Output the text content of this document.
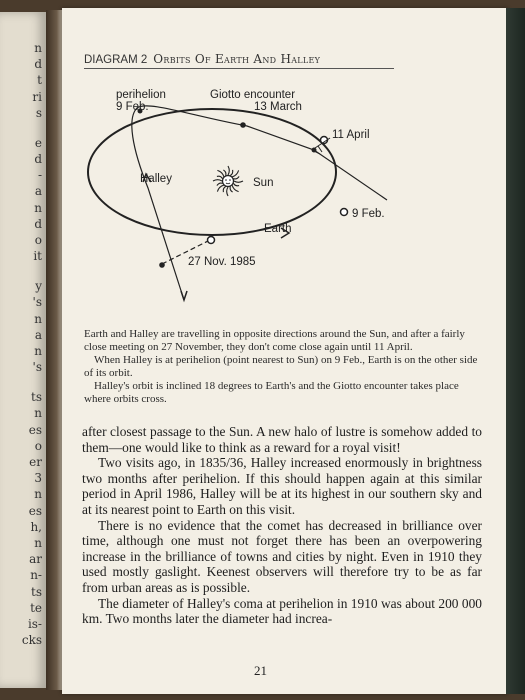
n
d
t
ri
s
e
d
-
a
n
d
o
it
y
's
n
a
n
's
ts
n
es
o
er
3
n
es
h,
n
ar
n-
ts
te
is-
cks
DIAGRAM 2 Orbits Of Earth And Halley
perihelion
9 Feb.
Giotto encounter
13 March
11 April
Halley	Sun
Earth
9 Feb.
27 Nov. 1985

Earth and Halley are travelling in opposite directions around the Sun, and after a fairly close meeting on 27 November, they don't come close again until 11 April.

When Halley is at perihelion (point nearest to Sun) on 9 Feb., Earth is on the other side of its orbit.

Halley's orbit is inclined 18 degrees to Earth's and the Giotto encounter takes place where orbits cross.

after closest passage to the Sun. A new halo of lustre is somehow added to them—one would like to think as a reward for a royal visit!

Two visits ago, in 1835/36, Halley increased enormously in brightness two months after perihelion. If this should happen again at this similar period in April 1986, Halley will be at its highest in our southern sky and at its nearest point to Earth on this visit.

There is no evidence that the comet has decreased in brilliance over time, although one must not forget there has been an overpowering increase in the brilliance of towns and cities by night. Even in 1910 they used mostly gaslight. Keenest observers will therefore try to be as far from urban areas as is possible.

The diameter of Halley's coma at perihelion in 1910 was about 200 000 km. Two months later the diameter had increa-

21
